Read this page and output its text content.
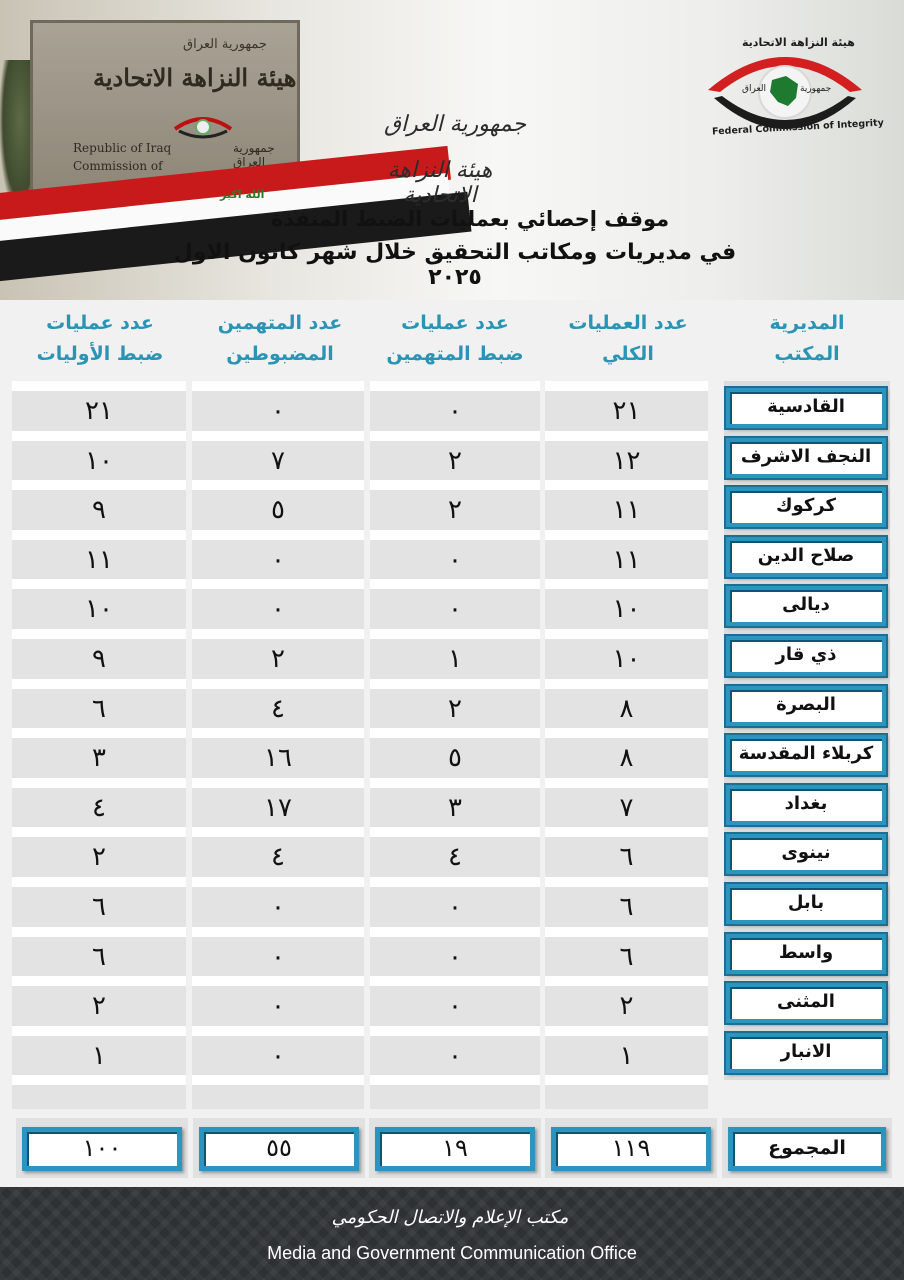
جمهورية العراق
هيئة النزاهة الاتحادية
Republic of Iraq
Commission of
جمهورية العراق
الله اكبر
جمهورية العراق
هيئة النزاهة الاتحادية
هيئة النزاهة الاتحادية
العراق	جمهورية
Federal Commission of Integrity
موقف إحصائي بعمليات الضبط المنفذة
في مديريات ومكاتب التحقيق خلال شهر كانون الاول ٢٠٢٥
المديرية
المكتب
عدد العمليات
الكلي
عدد عمليات
ضبط المتهمين
عدد المتهمين
المضبوطين
عدد عمليات
ضبط الأوليات
٢١	٠	٠	٢١	القادسية
١٠	٧	٢	١٢	النجف الاشرف
٩	٥	٢	١١	كركوك
١١	٠	٠	١١	صلاح الدين
١٠	٠	٠	١٠	ديالى
٩	٢	١	١٠	ذي قار
٦	٤	٢	٨	البصرة
٣	١٦	٥	٨	كربلاء المقدسة
٤	١٧	٣	٧	بغداد
٢	٤	٤	٦	نينوى
٦	٠	٠	٦	بابل
٦	٠	٠	٦	واسط
٢	٠	٠	٢	المثنى
١	٠	٠	١	الانبار
١٠٠	٥٥	١٩	١١٩	المجموع
مكتب الإعلام والاتصال الحكومي
Media and Government Communication Office
